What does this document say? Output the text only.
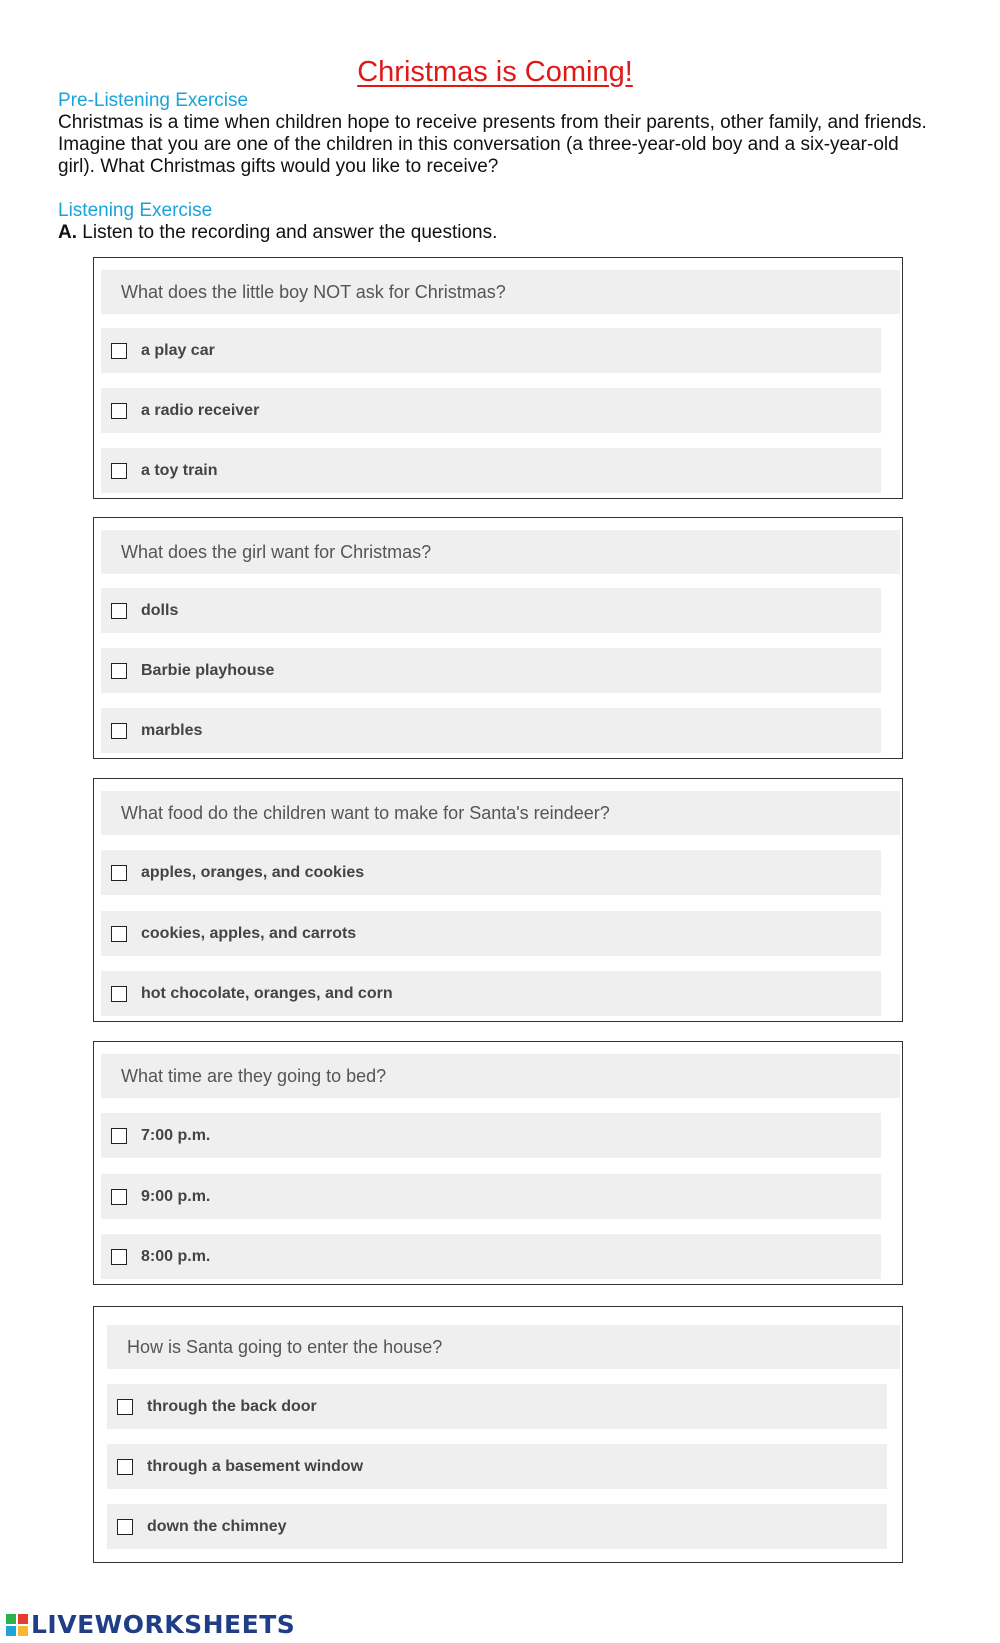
Christmas is Coming!
Pre-Listening Exercise
Christmas is a time when children hope to receive presents from their parents, other family, and friends. Imagine that you are one of the children in this conversation (a three-year-old boy and a six-year-old girl). What Christmas gifts would you like to receive?
Listening Exercise
A. Listen to the recording and answer the questions.
What does the little boy NOT ask for Christmas?
a play car
a radio receiver
a toy train
What does the girl want for Christmas?
dolls
Barbie playhouse
marbles
What food do the children want to make for Santa's reindeer?
apples, oranges, and cookies
cookies, apples, and carrots
hot chocolate, oranges, and corn
What time are they going to bed?
7:00 p.m.
9:00 p.m.
8:00 p.m.
How is Santa going to enter the house?
through the back door
through a basement window
down the chimney
LIVEWORKSHEETS
